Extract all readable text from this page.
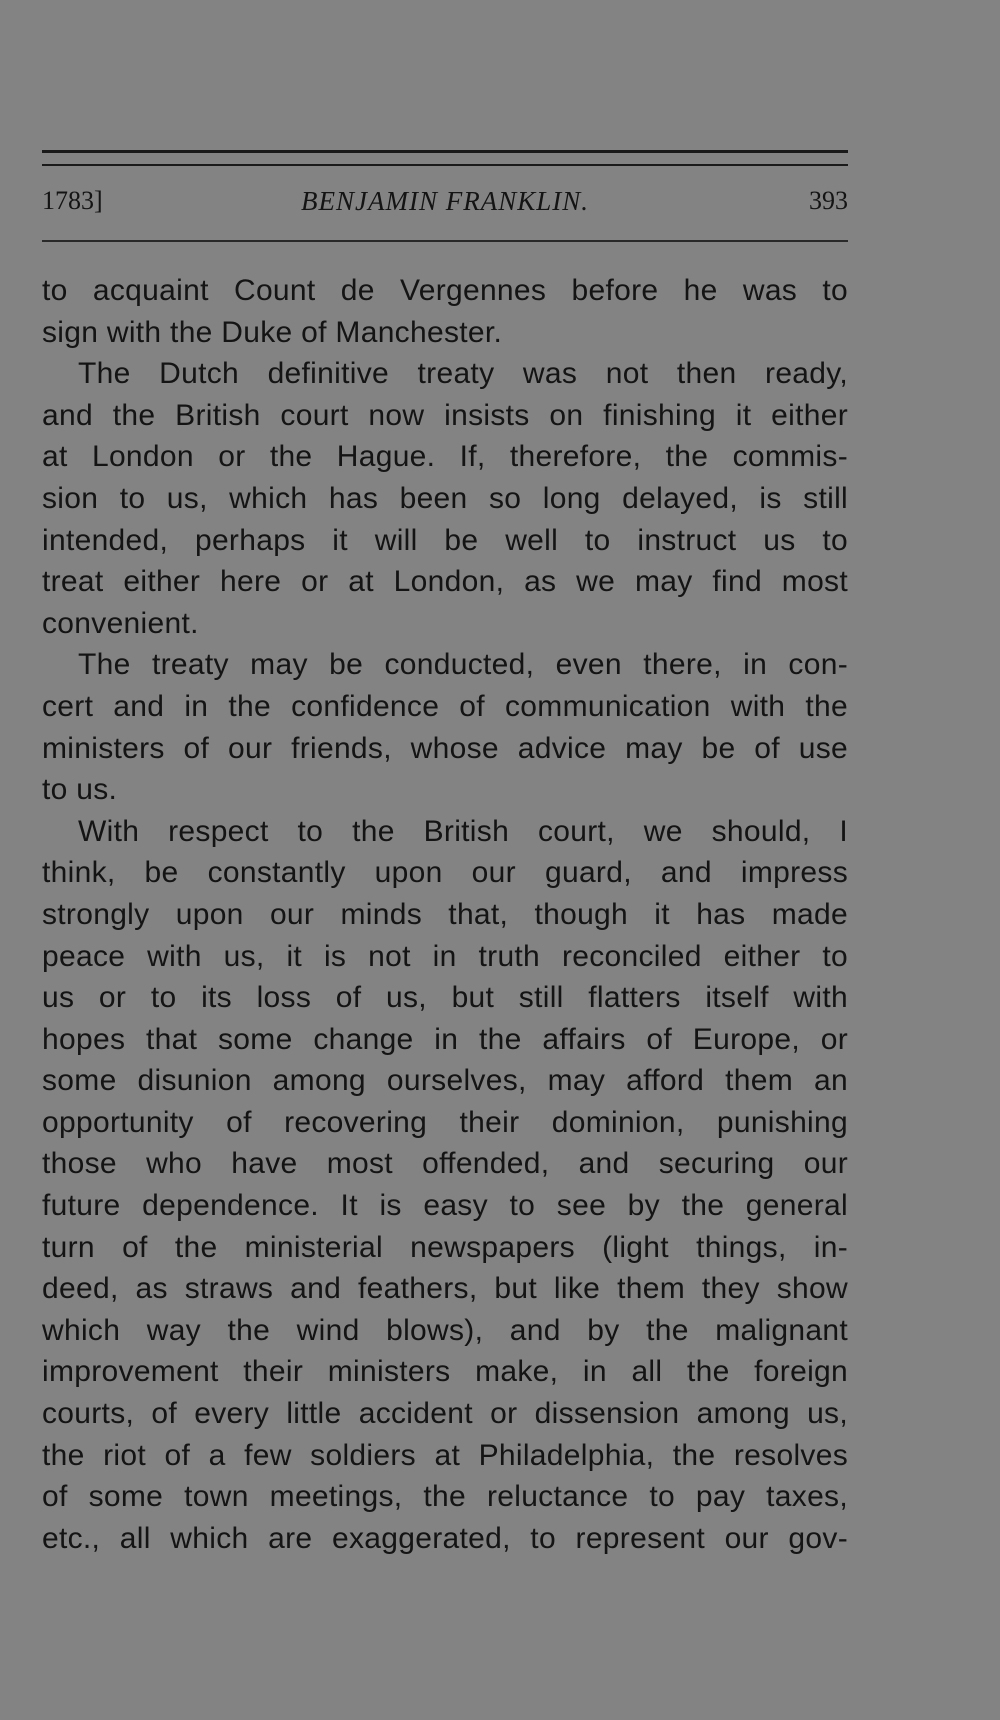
1783]	BENJAMIN FRANKLIN.	393
to acquaint Count de Vergennes before he was to
sign with the Duke of Manchester.
The Dutch definitive treaty was not then ready,
and the British court now insists on finishing it either
at London or the Hague. If, therefore, the commis-
sion to us, which has been so long delayed, is still
intended, perhaps it will be well to instruct us to
treat either here or at London, as we may find most
convenient.
The treaty may be conducted, even there, in con-
cert and in the confidence of communication with the
ministers of our friends, whose advice may be of use
to us.
With respect to the British court, we should, I
think, be constantly upon our guard, and impress
strongly upon our minds that, though it has made
peace with us, it is not in truth reconciled either to
us or to its loss of us, but still flatters itself with
hopes that some change in the affairs of Europe, or
some disunion among ourselves, may afford them an
opportunity of recovering their dominion, punishing
those who have most offended, and securing our
future dependence. It is easy to see by the general
turn of the ministerial newspapers (light things, in-
deed, as straws and feathers, but like them they show
which way the wind blows), and by the malignant
improvement their ministers make, in all the foreign
courts, of every little accident or dissension among us,
the riot of a few soldiers at Philadelphia, the resolves
of some town meetings, the reluctance to pay taxes,
etc., all which are exaggerated, to represent our gov-
